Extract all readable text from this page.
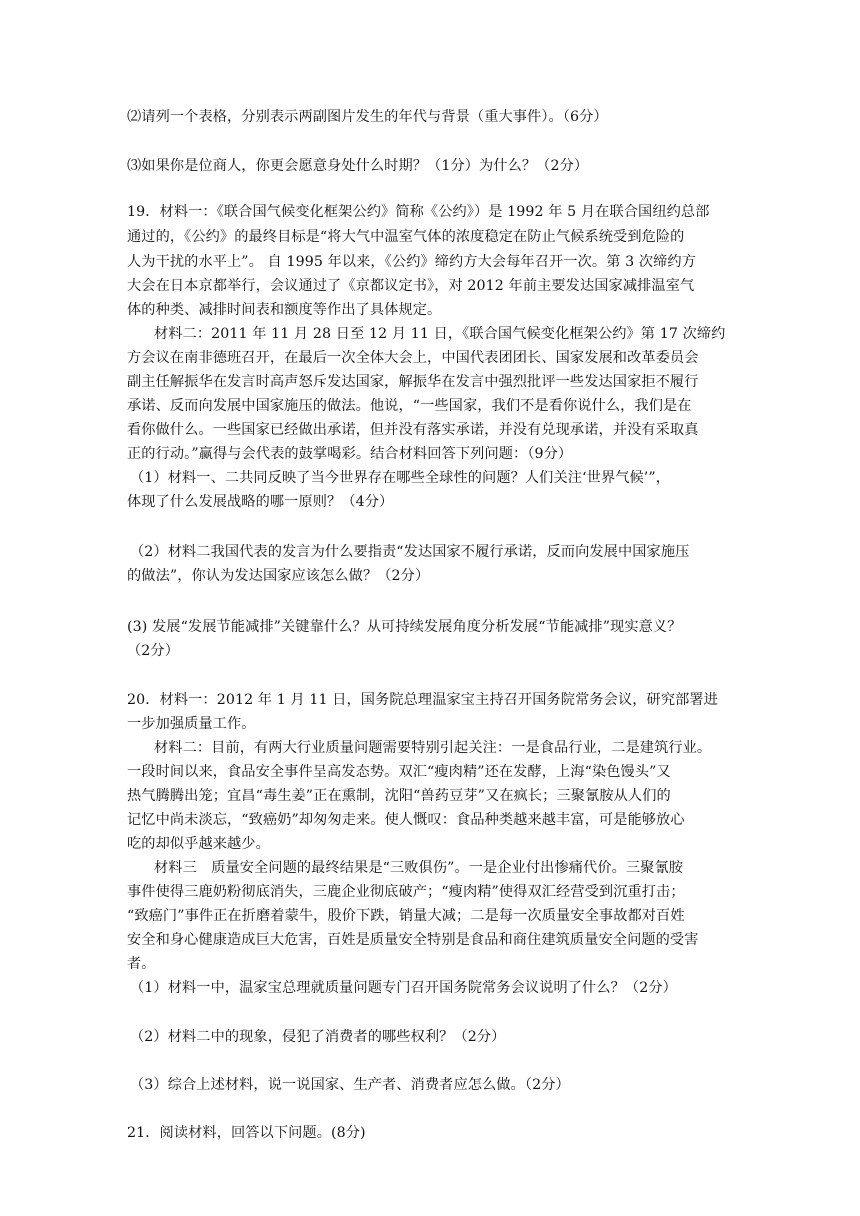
⑵请列一个表格，分别表示两副图片发生的年代与背景（重大事件）。（6分）
⑶如果你是位商人，你更会愿意身处什么时期？（1分）为什么？（2分）
19．材料一：《联合国气候变化框架公约》简称《公约》）是 1992 年 5 月在联合国纽约总部
通过的，《公约》的最终目标是“将大气中温室气体的浓度稳定在防止气候系统受到危险的
人为干扰的水平上”。 自 1995 年以来，《公约》缔约方大会每年召开一次。第 3 次缔约方
大会在日本京都举行，会议通过了《京都议定书》，对 2012 年前主要发达国家减排温室气
体的种类、减排时间表和额度等作出了具体规定。
材料二：2011 年 11 月 28 日至 12 月 11 日，《联合国气候变化框架公约》第 17 次缔约
方会议在南非德班召开，在最后一次全体大会上，中国代表团团长、国家发展和改革委员会
副主任解振华在发言时高声怒斥发达国家，解振华在发言中强烈批评一些发达国家拒不履行
承诺、反而向发展中国家施压的做法。他说，“一些国家，我们不是看你说什么，我们是在
看你做什么。一些国家已经做出承诺，但并没有落实承诺，并没有兑现承诺，并没有采取真
正的行动。”赢得与会代表的鼓掌喝彩。结合材料回答下列问题：（9分）
（1）材料一、二共同反映了当今世界存在哪些全球性的问题？人们关注‘世界气候’”，
体现了什么发展战略的哪一原则？（4分）
（2）材料二我国代表的发言为什么要指责“发达国家不履行承诺，反而向发展中国家施压
的做法”，你认为发达国家应该怎么做？（2分）
(3) 发展“发展节能减排”关键靠什么？从可持续发展角度分析发展“节能减排”现实意义？
（2分）
20．材料一：2012 年 1 月 11 日，国务院总理温家宝主持召开国务院常务会议，研究部署进
一步加强质量工作。
材料二：目前，有两大行业质量问题需要特别引起关注：一是食品行业，二是建筑行业。
一段时间以来，食品安全事件呈高发态势。双汇“瘦肉精”还在发酵，上海“染色馒头”又
热气腾腾出笼；宜昌“毒生姜”正在熏制，沈阳“兽药豆芽”又在疯长；三聚氰胺从人们的
记忆中尚未淡忘，“致癌奶”却匆匆走来。使人慨叹：食品种类越来越丰富，可是能够放心
吃的却似乎越来越少。
材料三　质量安全问题的最终结果是“三败俱伤”。一是企业付出惨痛代价。三聚氰胺
事件使得三鹿奶粉彻底消失，三鹿企业彻底破产；“瘦肉精”使得双汇经营受到沉重打击；
“致癌门”事件正在折磨着蒙牛，股价下跌，销量大减；二是每一次质量安全事故都对百姓
安全和身心健康造成巨大危害，百姓是质量安全特别是食品和商住建筑质量安全问题的受害
者。
（1）材料一中，温家宝总理就质量问题专门召开国务院常务会议说明了什么？（2分）
（2）材料二中的现象，侵犯了消费者的哪些权利？（2分）
（3）综合上述材料，说一说国家、生产者、消费者应怎么做。（2分）
21．阅读材料，回答以下问题。(8分)
